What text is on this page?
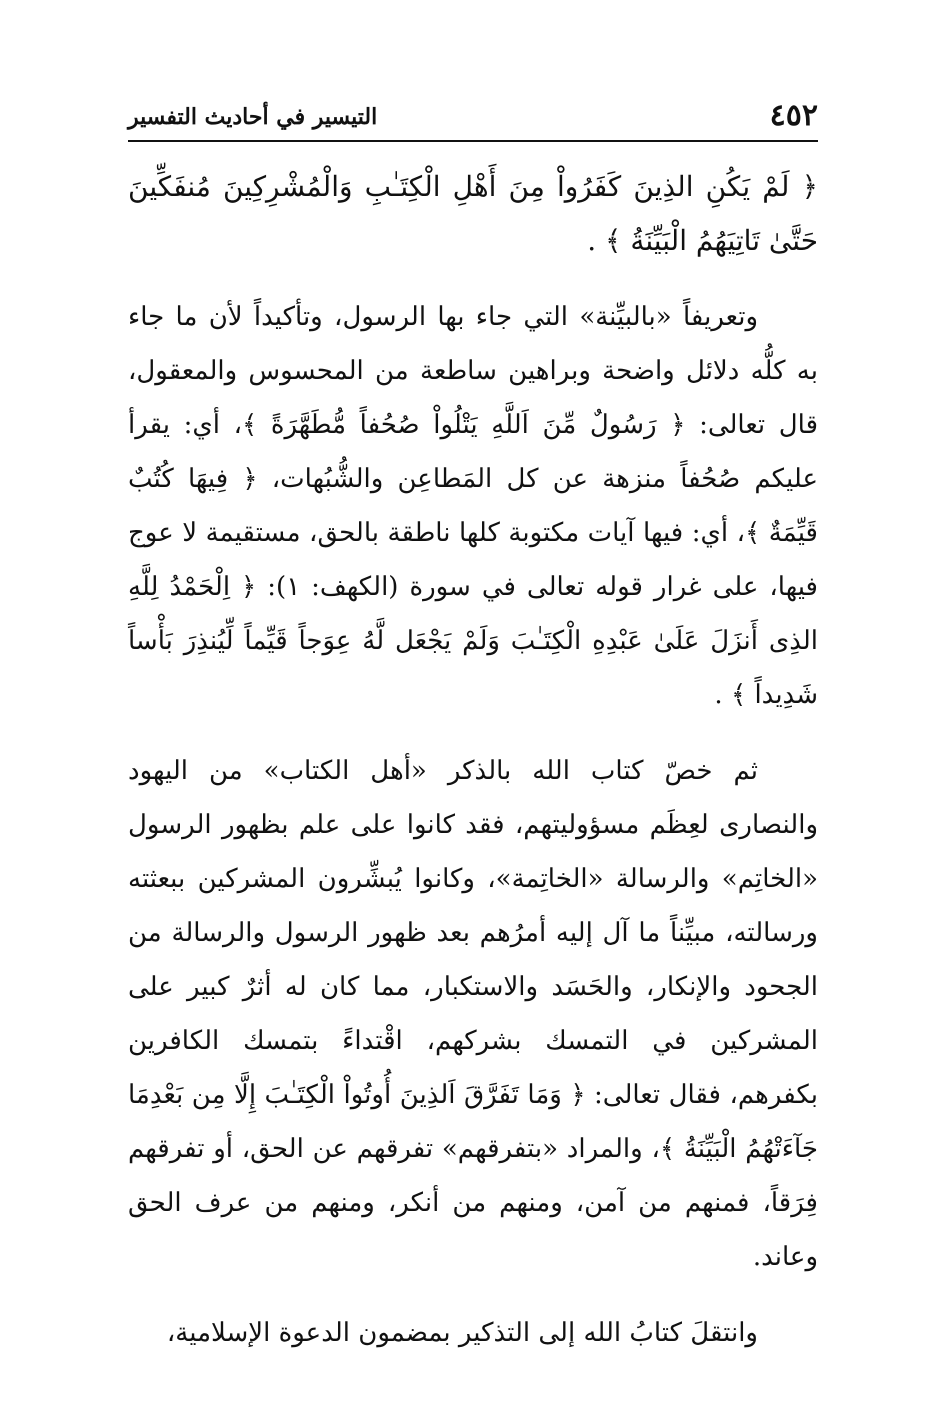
٤٥٢
التيسير في أحاديث التفسير

﴿ لَمْ يَكُنِ الذِينَ كَفَرُواْ مِنَ أَهْلِ الْكِتَـٰبِ وَالْمُشْرِكِينَ مُنفَكِّينَ حَتَّىٰ تَاتِيَهُمُ الْبَيِّنَةُ ﴾ .

وتعريفاً «بالبيِّنة» التي جاء بها الرسول، وتأكيداً لأن ما جاء به كلُّه دلائل واضحة وبراهين ساطعة من المحسوس والمعقول، قال تعالى: ﴿ رَسُولٌ مِّنَ اَللَّهِ يَتْلُواْ صُحُفاً مُّطَهَّرَةً ﴾، أي: يقرأ عليكم صُحُفاً منزهة عن كل المَطاعِن والشُّبُهات، ﴿ فِيهَا كُتُبٌ قَيِّمَةٌ ﴾، أي: فيها آيات مكتوبة كلها ناطقة بالحق، مستقيمة لا عوج فيها، على غرار قوله تعالى في سورة (الكهف: ١): ﴿ اِلْحَمْدُ لِلَّهِ الذِى أَنزَلَ عَلَىٰ عَبْدِهِ الْكِتَـٰبَ وَلَمْ يَجْعَل لَّهُ عِوَجاً قَيِّماً لِّيُنذِرَ بَأْساً شَدِيداً ﴾ .

ثم خصّ كتاب الله بالذكر «أهل الكتاب» من اليهود والنصارى لعِظَم مسؤوليتهم، فقد كانوا على علم بظهور الرسول «الخاتِم» والرسالة «الخاتِمة»، وكانوا يُبشِّرون المشركين ببعثته ورسالته، مبيِّناً ما آل إليه أمرُهم بعد ظهور الرسول والرسالة من الجحود والإنكار، والحَسَد والاستكبار، مما كان له أثرٌ كبير على المشركين في التمسك بشركهم، اقْتداءً بتمسك الكافرين بكفرهم، فقال تعالى: ﴿ وَمَا تَفَرَّقَ اَلذِينَ أُوتُواْ الْكِتَـٰبَ إِلَّا مِن بَعْدِمَا جَآءَتْهُمُ الْبَيِّنَةُ ﴾، والمراد «بتفرقهم» تفرقهم عن الحق، أو تفرقهم فِرَقاً، فمنهم من آمن، ومنهم من أنكر، ومنهم من عرف الحق وعاند.

وانتقلَ كتابُ الله إلى التذكير بمضمون الدعوة الإسلامية،
